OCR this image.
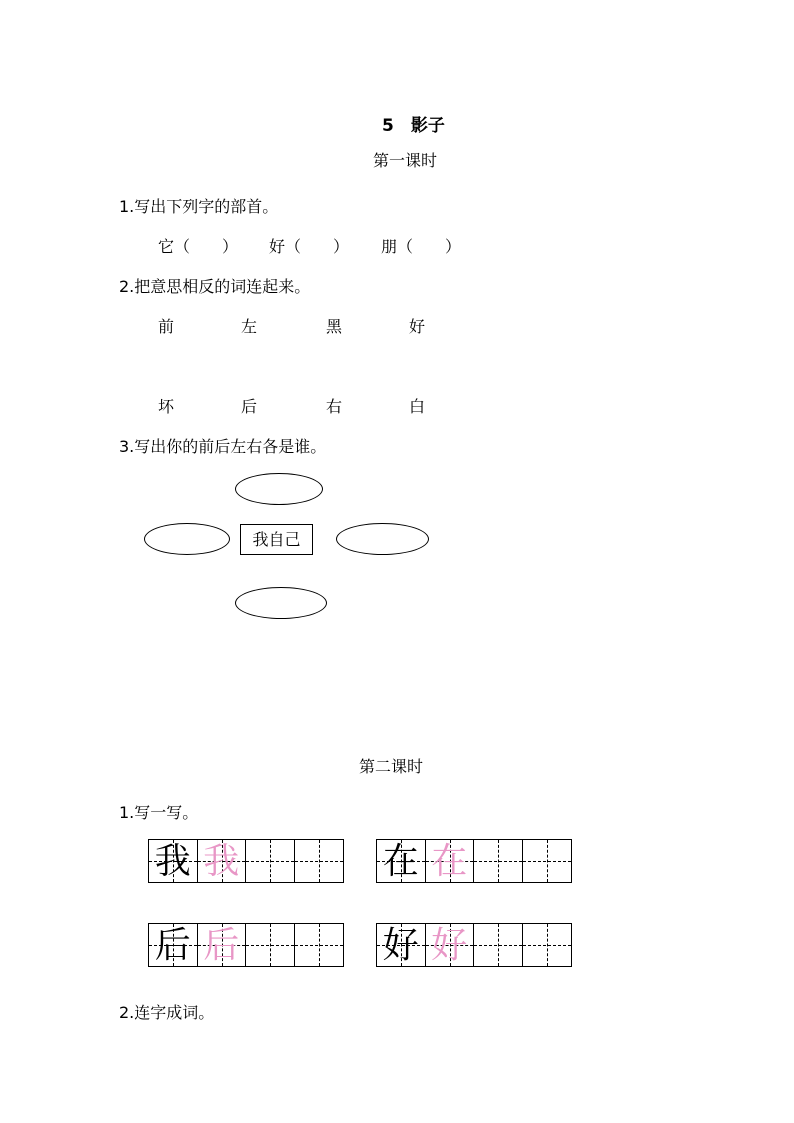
5　影子
第一课时
1.写出下列字的部首。
它（　　） 好（　　） 朋（　　）
2.把意思相反的词连起来。
前	左	黑	好
坏	后	右	白
3.写出你的前后左右各是谁。
我自己
第二课时
1.写一写。
我 我	在 在
后 后	好 好
2.连字成词。
